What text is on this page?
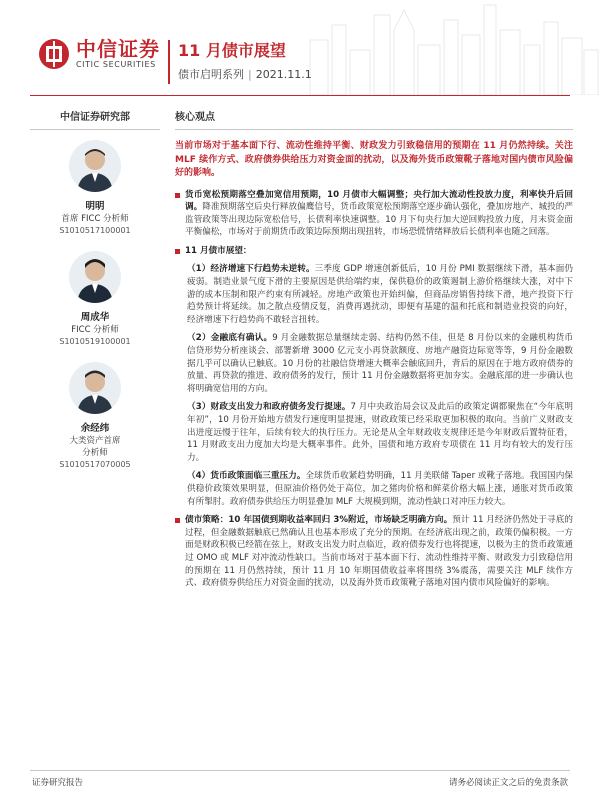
中信证券
CITIC SECURITIES
11 月债市展望
债市启明系列 | 2021.11.1
中信证券研究部
明明
首席 FICC 分析师
S1010517100001
周成华
FICC 分析师
S1010519100001
余经纬
大类资产首席
分析师
S1010517070005
核心观点
当前市场对于基本面下行、流动性维持平衡、财政发力引致稳信用的预期在 11 月仍然持续。关注 MLF 续作方式、政府债券供给压力对资金面的扰动，以及海外货币政策靴子落地对国内债市风险偏好的影响。
货币宽松预期落空叠加宽信用预期，10 月债市大幅调整；央行加大流动性投放力度，利率快升后回调。降准预期落空后央行释放偏鹰信号，货币政策宽松预期落空逐步确认强化，叠加房地产、城投的严监管政策等出现边际宽松信号，长债利率快速调整。10 月下旬央行加大逆回购投放力度，月末资金面平衡偏松，市场对于前期货币政策边际预期出现扭转，市场恐慌情绪释放后长债利率也随之回落。
11 月债市展望：
（1）经济增速下行趋势未逆转。三季度 GDP 增速创新低后，10 月份 PMI 数据继续下滑，基本面仍疲弱。制造业景气度下滑的主要原因是供给端约束，保供稳价的政策遏制上游价格继续大涨，对中下游的成本压制和限产约束有所减轻。房地产政策也开始纠偏，但商品房销售持续下滑，地产投资下行趋势预计将延续。加之散点疫情反复，消费再遇扰动，即便有基建的温和托底和制造业投资的向好，经济增速下行趋势尚不敢轻言扭转。
（2）金融底有确认。9 月金融数据总量继续走弱、结构仍然不佳，但是 8 月份以来的金融机构货币信贷形势分析座谈会、部署新增 3000 亿元支小再贷款额度、房地产融资边际宽等等，9 月份金融数据几乎可以确认已触底。10 月份的社融信贷增速大概率会触底回升，背后的原因在于地方政府债券的放量、再贷款的推进、政府债务的发行，预计 11 月份金融数据将更加夯实。金融底部的进一步确认也将明确宽信用的方向。
（3）财政支出发力和政府债务发行提速。7 月中央政治局会议及此后的政策定调都聚焦在“今年底明年初”，10 月份开始地方债发行速度明显提速，财政政策已经采取更加积极的取向。当前广义财政支出进度远慢于往年，后续有较大的执行压力。无论是从全年财政收支规律还是今年财政后置特征看，11 月财政支出力度加大均是大概率事件。此外，国债和地方政府专项债在 11 月均有较大的发行压力。
（4）货币政策面临三重压力。全球货币收紧趋势明确，11 月美联储 Taper 或靴子落地。我国国内保供稳价政策效果明显，但原油价格仍处于高位，加之猪肉价格和鲜菜价格大幅上涨，通胀对货币政策有所掣肘。政府债券供给压力明显叠加 MLF 大规模到期，流动性缺口对冲压力较大。
债市策略：10 年国债到期收益率回归 3%附近，市场缺乏明确方向。预计 11 月经济仍然处于寻底的过程，但金融数据触底已然确认且也基本形成了充分的预期。在经济底出现之前，政策仍偏积极。一方面是财政积极已经箭在弦上，财政支出发力时点临近，政府债券发行也将提速，以极为主的货币政策通过 OMO 或 MLF 对冲流动性缺口。当前市场对于基本面下行、流动性维持平衡、财政发力引致稳信用的预期在 11 月仍然持续，预计 11 月 10 年期国债收益率将围绕 3%震荡，需要关注 MLF 续作方式、政府债券供给压力对资金面的扰动，以及海外货币政策靴子落地对国内债市风险偏好的影响。
证券研究报告	请务必阅读正文之后的免责条款
